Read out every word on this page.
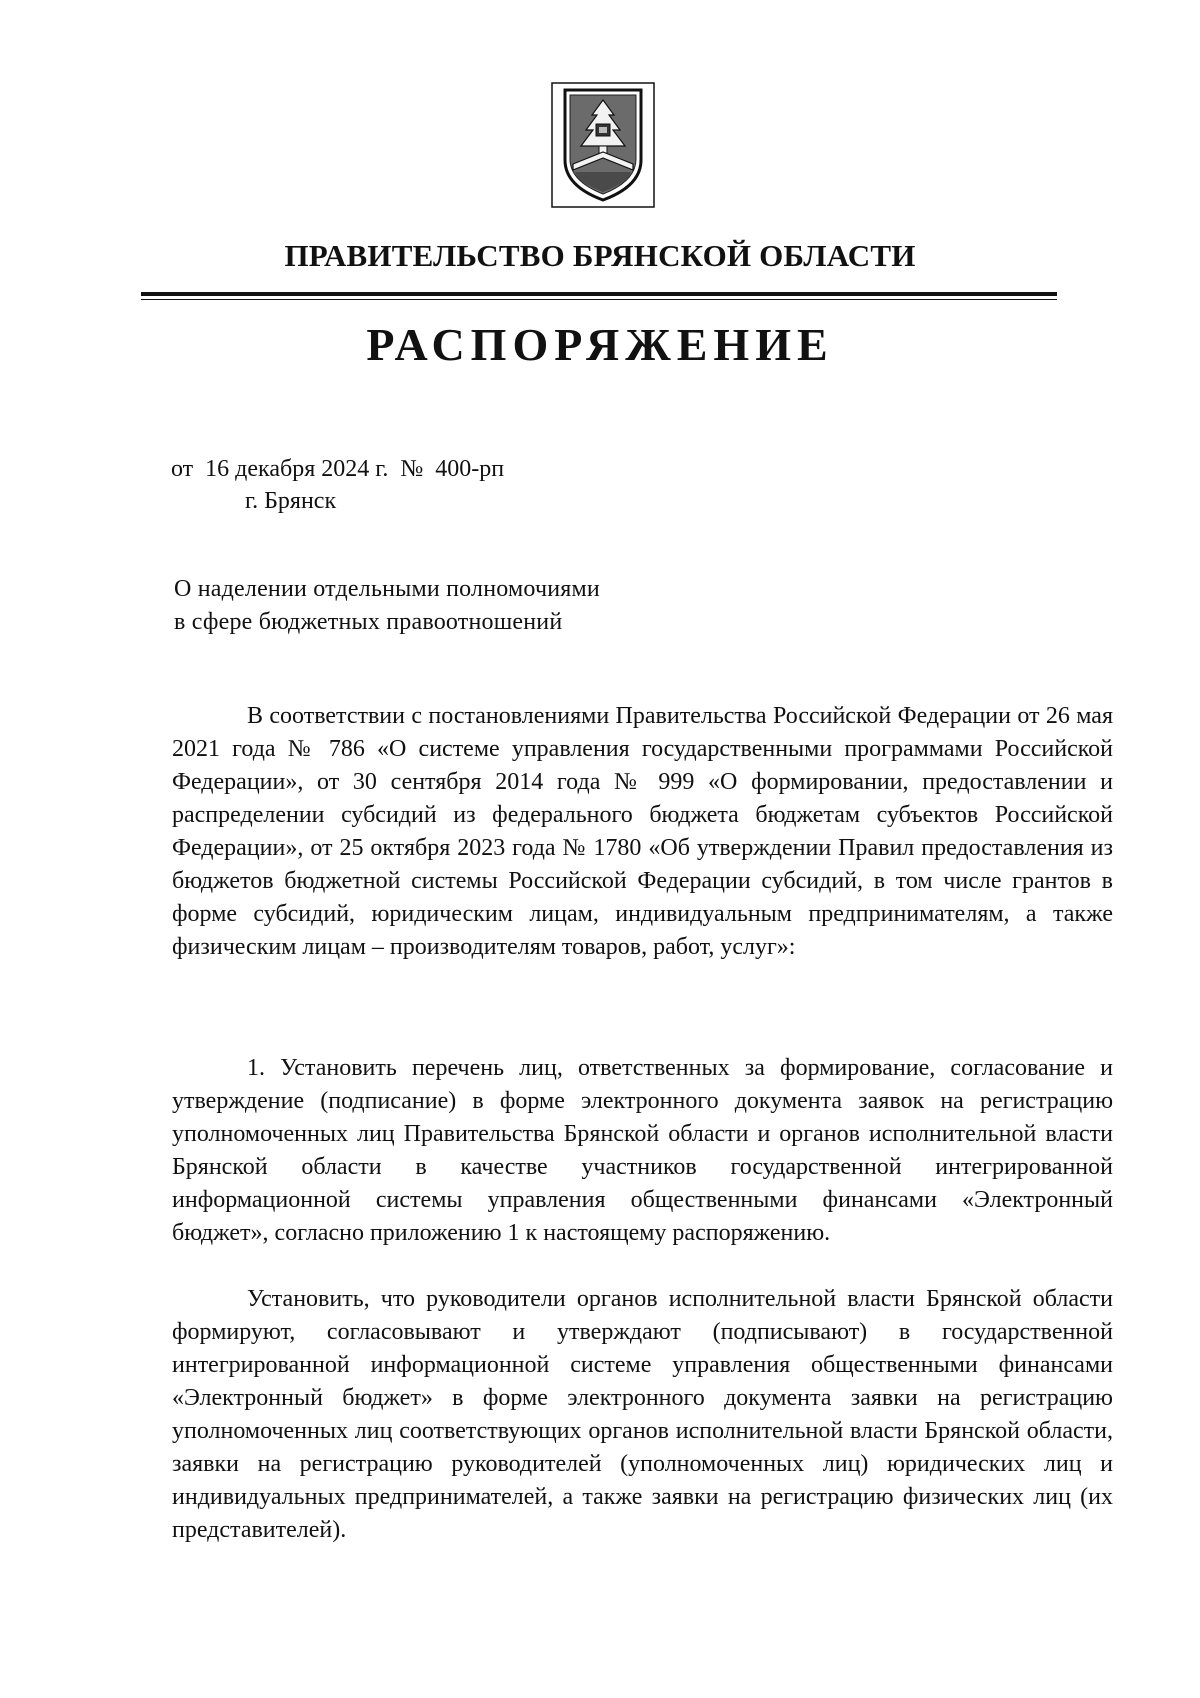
ПРАВИТЕЛЬСТВО БРЯНСКОЙ ОБЛАСТИ
РАСПОРЯЖЕНИЕ
от 16 декабря 2024 г. № 400-рп
г. Брянск
О наделении отдельными полномочиями
в сфере бюджетных правоотношений

В соответствии с постановлениями Правительства Российской Федерации от 26 мая 2021 года № 786 «О системе управления государственными программами Российской Федерации», от 30 сентября 2014 года № 999 «О формировании, предоставлении и распределении субсидий из федерального бюджета бюджетам субъектов Российской Федерации», от 25 октября 2023 года № 1780 «Об утверждении Правил предоставления из бюджетов бюджетной системы Российской Федерации субсидий, в том числе грантов в форме субсидий, юридическим лицам, индивидуальным предпринимателям, а также физическим лицам – производителям товаров, работ, услуг»:

1. Установить перечень лиц, ответственных за формирование, согласование и утверждение (подписание) в форме электронного документа заявок на регистрацию уполномоченных лиц Правительства Брянской области и органов исполнительной власти Брянской области в качестве участников государственной интегрированной информационной системы управления общественными финансами «Электронный бюджет», согласно приложению 1 к настоящему распоряжению.

Установить, что руководители органов исполнительной власти Брянской области формируют, согласовывают и утверждают (подписывают) в государственной интегрированной информационной системе управления общественными финансами «Электронный бюджет» в форме электронного документа заявки на регистрацию уполномоченных лиц соответствующих органов исполнительной власти Брянской области, заявки на регистрацию руководителей (уполномоченных лиц) юридических лиц и индивидуальных предпринимателей, а также заявки на регистрацию физических лиц (их представителей).
